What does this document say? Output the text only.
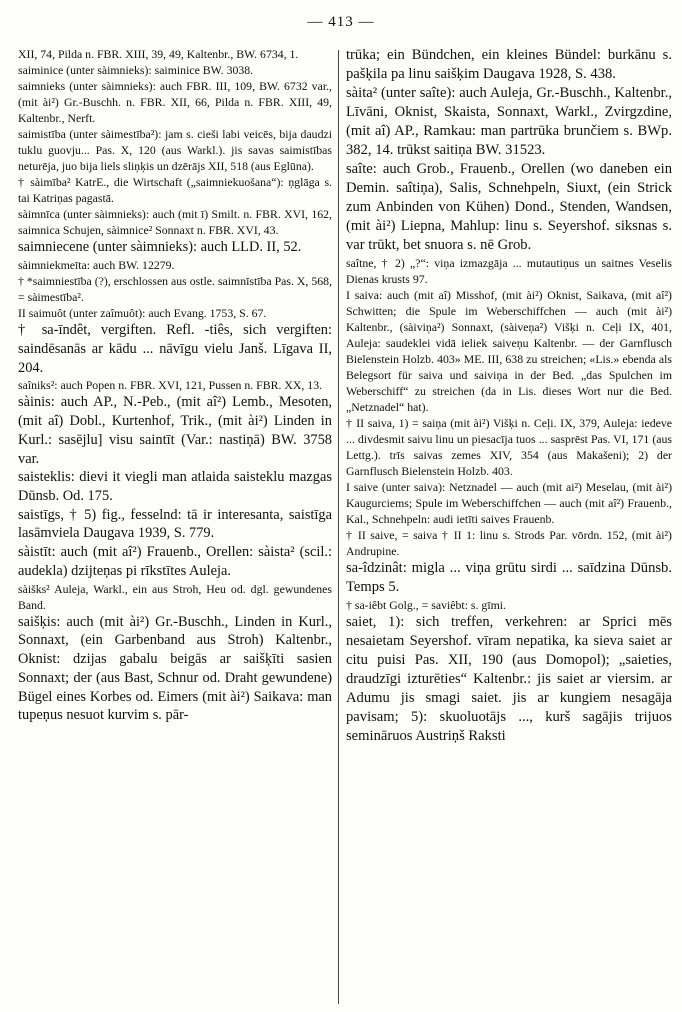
— 413 —

XII, 74, Pilda n. FBR. XIII, 39, 49, Kaltenbr., BW. 6734, 1.

saiminice (unter sàimnieks): saiminice BW. 3038.

saimnieks (unter sàimnieks): auch FBR. III, 109, BW. 6732 var., (mit ài²) Gr.-Buschh. n. FBR. XII, 66, Pilda n. FBR. XIII, 49, Kaltenbr., Nerft.

saimistība (unter sàimestība²): jam s. cieši labi veicēs, bija daudzi tuklu guovju... Pas. X, 120 (aus Warkl.). jis savas saimistības neturēja, juo bija liels sliņķis un dzērājs XII, 518 (aus Eglūna).

† sàimība² KatrE., die Wirtschaft („saimniekuošana“): ņglāga s. tai Katriņas pagastā.

sàimnīca (unter sàimnieks): auch (mit ī) Smilt. n. FBR. XVI, 162, saimnica Schujen, sàimnice² Sonnaxt n. FBR. XVI, 43.

saimniecene (unter sàimnieks): auch LLD. II, 52.

sàimniekmeīta: auch BW. 12279.

† *saimniestība (?), erschlossen aus ostle. saimnīstība Pas. X, 568, = sàimestība².

II saimuôt (unter zaîmuôt): auch Evang. 1753, S. 67.

† sa-īndêt, vergiften. Refl. -tiês, sich vergiften: saindēsanās ar kādu ... nāvīgu vielu Janš. Līgava II, 204.

saîniks²: auch Popen n. FBR. XVI, 121, Pussen n. FBR. XX, 13.

sàinis: auch AP., N.-Peb., (mit aî²) Lemb., Mesoten, (mit aî) Dobl., Kurtenhof, Trik., (mit ài²) Linden in Kurl.: sasējlu] visu saintīt (Var.: nastiņā) BW. 3758 var.

saisteklis: dievi it viegli man atlaida saisteklu mazgas Dūnsb. Od. 175.

saistīgs, † 5) fig., fesselnd: tā ir interesanta, saistīga lasāmviela Daugava 1939, S. 779.

sàistīt: auch (mit aî²) Frauenb., Orellen: sàista² (scil.: audekla) dzijteņas pi rīkstītes Auleja.

sàišks² Auleja, Warkl., ein aus Stroh, Heu od. dgl. gewundenes Band.

saišķis: auch (mit ài²) Gr.-Buschh., Linden in Kurl., Sonnaxt, (ein Garbenband aus Stroh) Kaltenbr., Oknist: dzijas gabalu beigās ar saišķīti sasien Sonnaxt; der (aus Bast, Schnur od. Draht gewundene) Bügel eines Korbes od. Eimers (mit ài²) Saikava: man tupeņus nesuot kurvim s. pār-

trūka; ein Bündchen, ein kleines Bündel: burkānu s. pašķila pa linu saišķim Daugava 1928, S. 438.

sàita² (unter saîte): auch Auleja, Gr.-Buschh., Kaltenbr., Līvāni, Oknist, Skaista, Sonnaxt, Warkl., Zvirgzdine, (mit aî) AP., Ramkau: man partrūka brunčiem s. BWp. 382, 14. trūkst saitiņa BW. 31523.

saîte: auch Grob., Frauenb., Orellen (wo daneben ein Demin. saîtiņa), Salis, Schnehpeln, Siuxt, (ein Strick zum Anbinden von Kühen) Dond., Stenden, Wandsen, (mit ài²) Liepna, Mahlup: linu s. Seyershof. siksnas s. var trūkt, bet snuora s. nē Grob.

saîtne, † 2) „?“: viņa izmazgāja ... mutautiņus un saitnes Veselis Dienas krusts 97.

I saiva: auch (mit aî) Misshof, (mit ài²) Oknist, Saikava, (mit aî²) Schwitten; die Spule im Weberschiffchen — auch (mit ài²) Kaltenbr., (sàiviņa²) Sonnaxt, (sàiveņa²) Višķi n. Ceļi IX, 401, Auleja: saudeklei vidā ieliek saiveņu Kaltenbr. — der Garnflusch Bielenstein Holzb. 403» ME. III, 638 zu streichen; «Lis.» ebenda als Belegsort für saiva und saiviņa in der Bed. „das Spulchen im Weberschiff“ zu streichen (da in Lis. dieses Wort nur die Bed. „Netznadel“ hat).

† II saiva, 1) = saiņa (mit ài²) Višķi n. Ceļi. IX, 379, Auleja: iedeve ... divdesmit saivu linu un piesacīja tuos ... sasprēst Pas. VI, 171 (aus Lettg.). trīs saivas zemes XIV, 354 (aus Makašeni); 2) der Garnflusch Bielenstein Holzb. 403.

I saive (unter saiva): Netznadel — auch (mit ai²) Meselau, (mit ài²) Kaugurciems; Spule im Weberschiffchen — auch (mit aî²) Frauenb., Kal., Schnehpeln: audi ietīti saives Frauenb.

† II saive, = saiva † II 1: linu s. Strods Par. vōrdn. 152, (mit ài²) Andrupine.

sa-îdzinât: migla ... viņa grūtu sirdi ... saīdzina Dūnsb. Temps 5.

† sa-iêbt Golg., = saviêbt: s. gīmi.

saiet, 1): sich treffen, verkehren: ar Sprici mēs nesaietam Seyershof. vīram nepatika, ka sieva saiet ar citu puisi Pas. XII, 190 (aus Domopol); „saieties, draudzīgi izturēties“ Kaltenbr.: jis saiet ar viersim. ar Adumu jis smagi saiet. jis ar kungiem nesagāja pavisam; 5): skuoluotājs ..., kurš sagājis trijuos semināruos Austriņš Raksti
